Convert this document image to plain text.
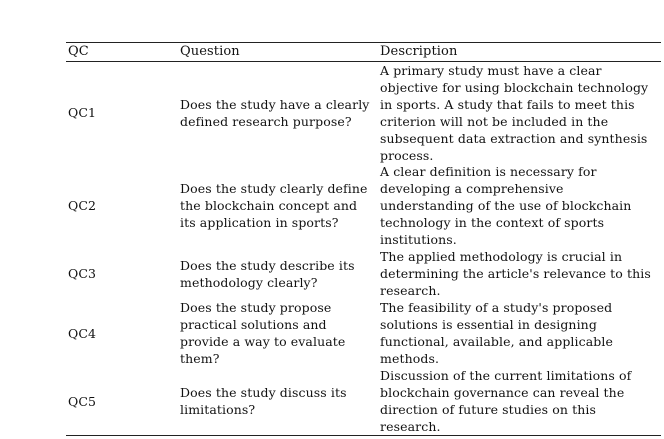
QC	Question	Description
QC1
Does the study have a clearly defined research purpose?
A primary study must have a clear objective for using blockchain technology in sports. A study that fails to meet this criterion will not be included in the subsequent data extraction and synthesis process.
QC2
Does the study clearly define the blockchain concept and its application in sports?
A clear definition is necessary for developing a comprehensive understanding of the use of blockchain technology in the context of sports institutions.
QC3
Does the study describe its methodology clearly?
The applied methodology is crucial in determining the article's relevance to this research.
QC4
Does the study propose practical solutions and provide a way to evaluate them?
The feasibility of a study's proposed solutions is essential in designing functional, available, and applicable methods.
QC5
Does the study discuss its limitations?
Discussion of the current limitations of blockchain governance can reveal the direction of future studies on this research.
